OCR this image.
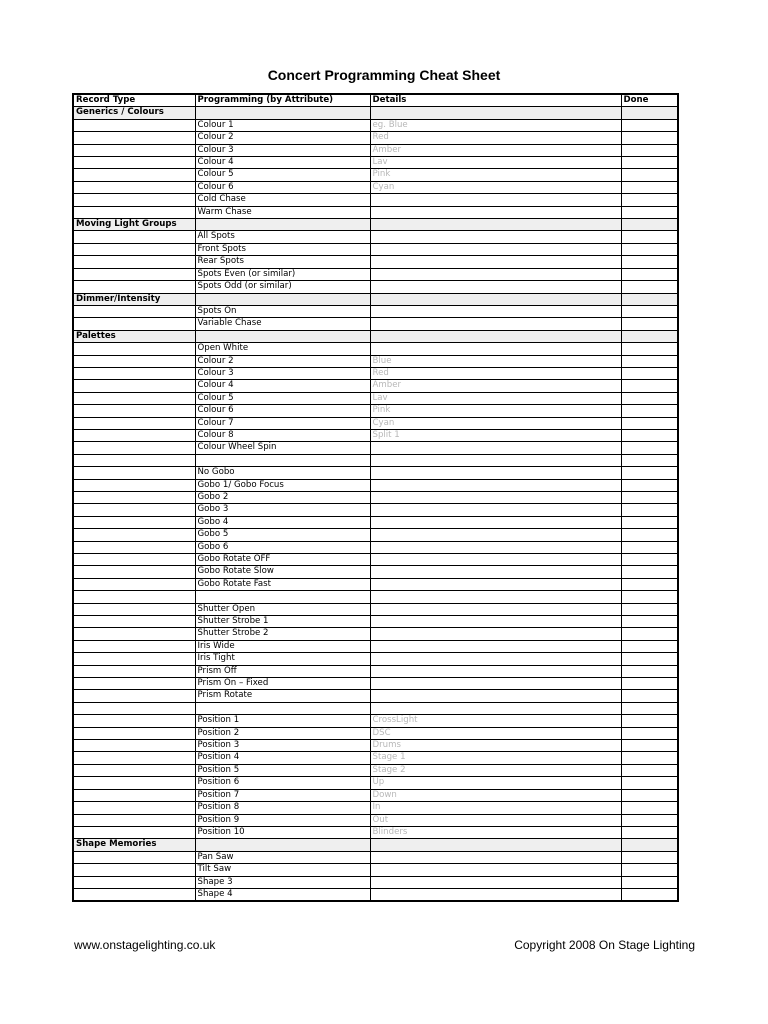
Concert Programming Cheat Sheet
Record Type	Programming (by Attribute)	Details	Done
Generics / Colours			
	Colour 1	eg. Blue	
	Colour 2	Red	
	Colour 3	Amber	
	Colour 4	Lav	
	Colour 5	Pink	
	Colour 6	Cyan	
	Cold Chase		
	Warm Chase		
Moving Light Groups			
	All Spots		
	Front Spots		
	Rear Spots		
	Spots Even (or similar)		
	Spots Odd (or similar)		
Dimmer/Intensity			
	Spots On		
	Variable Chase		
Palettes			
	Open White		
	Colour 2	Blue	
	Colour 3	Red	
	Colour 4	Amber	
	Colour 5	Lav	
	Colour 6	Pink	
	Colour 7	Cyan	
	Colour 8	Split 1	
	Colour Wheel Spin		

	No Gobo		
	Gobo 1/ Gobo Focus		
	Gobo 2		
	Gobo 3		
	Gobo 4		
	Gobo 5		
	Gobo 6		
	Gobo Rotate OFF		
	Gobo Rotate Slow		
	Gobo Rotate Fast		

	Shutter Open		
	Shutter Strobe 1		
	Shutter Strobe 2		
	Iris Wide		
	Iris Tight		
	Prism Off		
	Prism On – Fixed		
	Prism Rotate		

	Position 1	CrossLight	
	Position 2	DSC	
	Position 3	Drums	
	Position 4	Stage 1	
	Position 5	Stage 2	
	Position 6	Up	
	Position 7	Down	
	Position 8	In	
	Position 9	Out	
	Position 10	Blinders	
Shape Memories			
	Pan Saw		
	Tilt Saw		
	Shape 3		
	Shape 4		
www.onstagelighting.co.uk	Copyright 2008 On Stage Lighting
